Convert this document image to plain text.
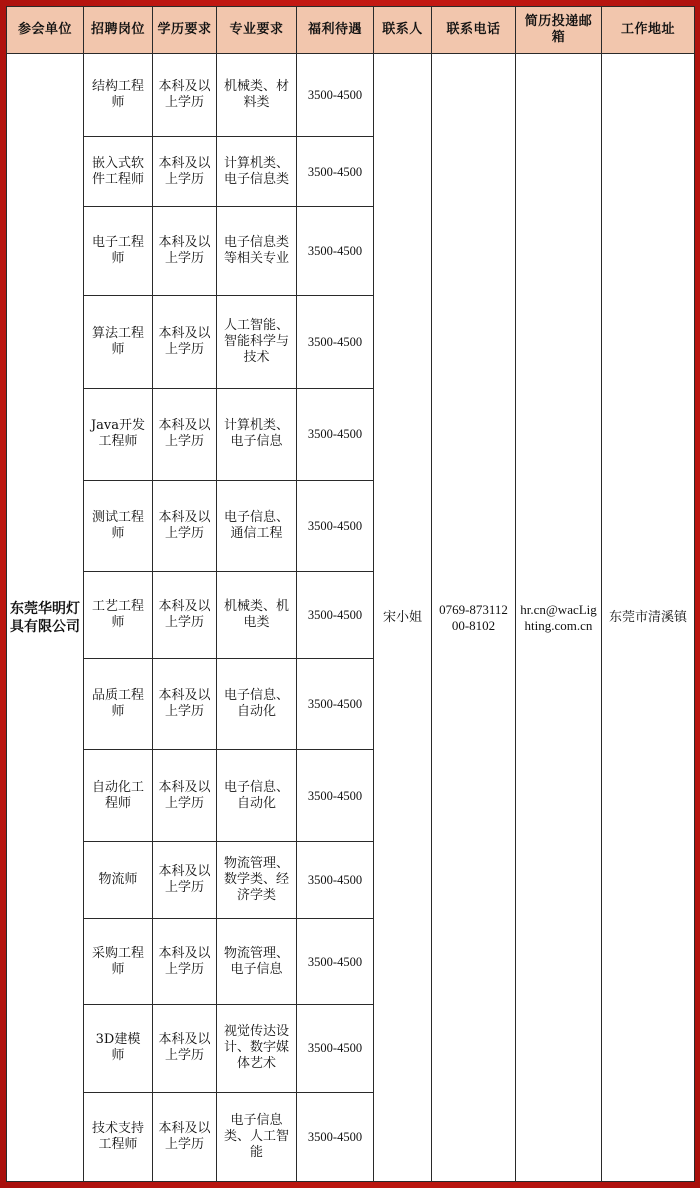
参会单位	招聘岗位	学历要求	专业要求	福利待遇	联系人	联系电话	简历投递邮箱	工作地址
东莞华明灯具有限公司	结构工程师	本科及以上学历	机械类、材料类	3500-4500	宋小姐	0769-87311200-8102	hr.cn@wacLighting.com.cn	东莞市清溪镇
	嵌入式软件工程师	本科及以上学历	计算机类、电子信息类	3500-4500				
	电子工程师	本科及以上学历	电子信息类等相关专业	3500-4500				
	算法工程师	本科及以上学历	人工智能、智能科学与技术	3500-4500				
	Java开发工程师	本科及以上学历	计算机类、电子信息	3500-4500				
	测试工程师	本科及以上学历	电子信息、通信工程	3500-4500				
	工艺工程师	本科及以上学历	机械类、机电类	3500-4500				
	品质工程师	本科及以上学历	电子信息、自动化	3500-4500				
	自动化工程师	本科及以上学历	电子信息、自动化	3500-4500				
	物流师	本科及以上学历	物流管理、数学类、经济学类	3500-4500				
	采购工程师	本科及以上学历	物流管理、电子信息	3500-4500				
	3D建模师	本科及以上学历	视觉传达设计、数字媒体艺术	3500-4500				
	技术支持工程师	本科及以上学历	电子信息类、人工智能	3500-4500				
